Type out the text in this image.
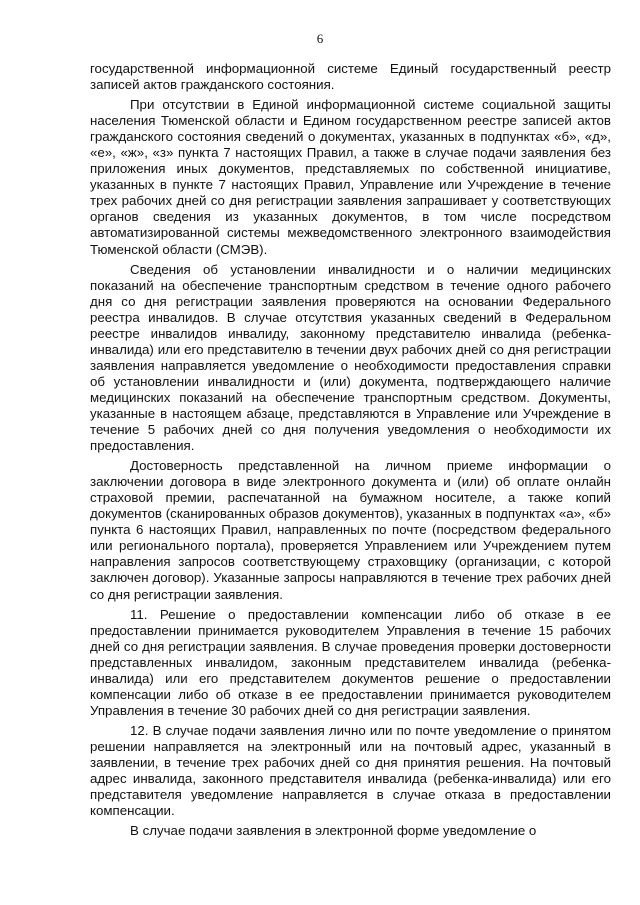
6

государственной информационной системе Единый государственный реестр записей актов гражданского состояния.

При отсутствии в Единой информационной системе социальной защиты населения Тюменской области и Едином государственном реестре записей актов гражданского состояния сведений о документах, указанных в подпунктах «б», «д», «е», «ж», «з» пункта 7 настоящих Правил, а также в случае подачи заявления без приложения иных документов, представляемых по собственной инициативе, указанных в пункте 7 настоящих Правил, Управление или Учреждение в течение трех рабочих дней со дня регистрации заявления запрашивает у соответствующих органов сведения из указанных документов, в том числе посредством автоматизированной системы межведомственного электронного взаимодействия Тюменской области (СМЭВ).

Сведения об установлении инвалидности и о наличии медицинских показаний на обеспечение транспортным средством в течение одного рабочего дня со дня регистрации заявления проверяются на основании Федерального реестра инвалидов. В случае отсутствия указанных сведений в Федеральном реестре инвалидов инвалиду, законному представителю инвалида (ребенка-инвалида) или его представителю в течении двух рабочих дней со дня регистрации заявления направляется уведомление о необходимости предоставления справки об установлении инвалидности и (или) документа, подтверждающего наличие медицинских показаний на обеспечение транспортным средством. Документы, указанные в настоящем абзаце, представляются в Управление или Учреждение в течение 5 рабочих дней со дня получения уведомления о необходимости их предоставления.

Достоверность представленной на личном приеме информации о заключении договора в виде электронного документа и (или) об оплате онлайн страховой премии, распечатанной на бумажном носителе, а также копий документов (сканированных образов документов), указанных в подпунктах «а», «б» пункта 6 настоящих Правил, направленных по почте (посредством федерального или регионального портала), проверяется Управлением или Учреждением путем направления запросов соответствующему страховщику (организации, с которой заключен договор). Указанные запросы направляются в течение трех рабочих дней со дня регистрации заявления.

11. Решение о предоставлении компенсации либо об отказе в ее предоставлении принимается руководителем Управления в течение 15 рабочих дней со дня регистрации заявления. В случае проведения проверки достоверности представленных инвалидом, законным представителем инвалида (ребенка-инвалида) или его представителем документов решение о предоставлении компенсации либо об отказе в ее предоставлении принимается руководителем Управления в течение 30 рабочих дней со дня регистрации заявления.

12. В случае подачи заявления лично или по почте уведомление о принятом решении направляется на электронный или на почтовый адрес, указанный в заявлении, в течение трех рабочих дней со дня принятия решения. На почтовый адрес инвалида, законного представителя инвалида (ребенка-инвалида) или его представителя уведомление направляется в случае отказа в предоставлении компенсации.

В случае подачи заявления в электронной форме уведомление о
